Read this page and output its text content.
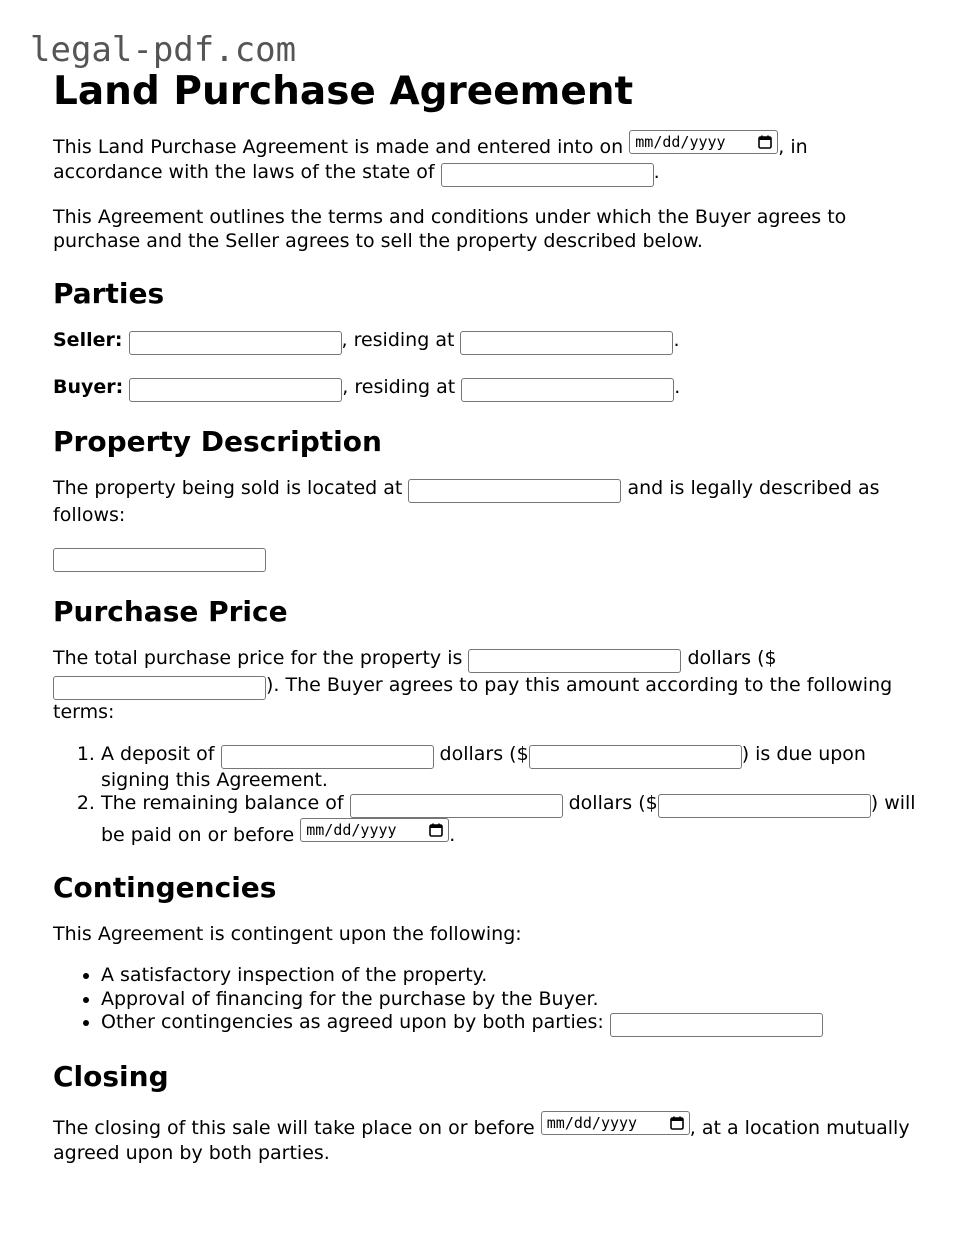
legal-pdf.com
Land Purchase Agreement

This Land Purchase Agreement is made and entered into on mm/dd/yyyy	, in accordance with the laws of the state of	.

This Agreement outlines the terms and conditions under which the Buyer agrees to purchase and the Seller agrees to sell the property described below.

Parties

Seller:	, residing at	.

Buyer:	, residing at	.

Property Description

The property being sold is located at	and is legally described as follows:

Purchase Price

The total purchase price for the property is	dollars ($ ). The Buyer agrees to pay this amount according to the following terms:

1. A deposit of	dollars ($	) is due upon signing this Agreement.
2. The remaining balance of	dollars ($	) will be paid on or before mm/dd/yyyy	.
Contingencies

This Agreement is contingent upon the following:

• A satisfactory inspection of the property.
• Approval of financing for the purchase by the Buyer.
• Other contingencies as agreed upon by both parties:
Closing

The closing of this sale will take place on or before mm/dd/yyyy	, at a location mutually agreed upon by both parties.
